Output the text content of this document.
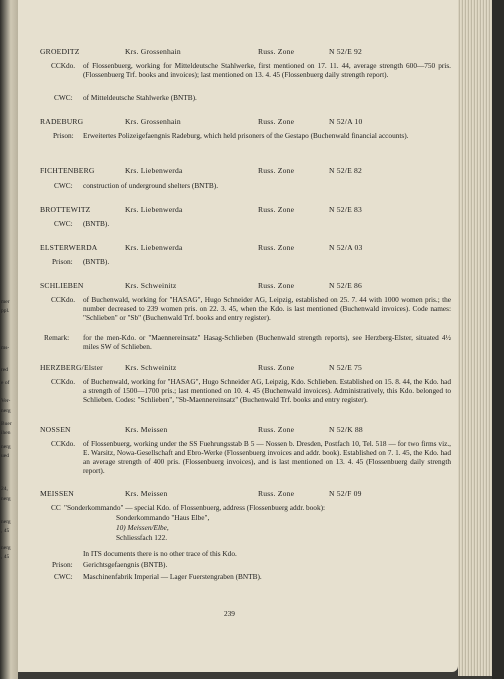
mer
ppl.
ms-
red
e of
Ver-
nerg
Buer
ihen
nerg
ued
24,
nerg
nerg
, 45
nerg
, 45
GROEDITZ	Krs. Grossenhain	Russ. Zone	N 52/E 92
CCKdo. of Flossenbuerg, working for Mitteldeutsche Stahlwerke, first mentioned on 17. 11. 44, average strength 600—750 pris. (Flossenbuerg Trf. books and invoices); last mentioned on 13. 4. 45 (Flossenbuerg daily strength report).
CWC: of Mitteldeutsche Stahlwerke (BNTB).
RADEBURG	Krs. Grossenhain	Russ. Zone	N 52/A 10
Prison: Erweitertes Polizeigefaengnis Radeburg, which held prisoners of the Gestapo (Buchenwald financial accounts).
FICHTENBERG	Krs. Liebenwerda	Russ. Zone	N 52/E 82
CWC: construction of underground shelters (BNTB).
BROTTEWITZ	Krs. Liebenwerda	Russ. Zone	N 52/E 83
CWC: (BNTB).
ELSTERWERDA	Krs. Liebenwerda	Russ. Zone	N 52/A 03
Prison: (BNTB).
SCHLIEBEN	Krs. Schweinitz	Russ. Zone	N 52/E 86
CCKdo. of Buchenwald, working for "HASAG", Hugo Schneider AG, Leipzig, established on 25. 7. 44 with 1000 women pris.; the number decreased to 239 women pris. on 22. 3. 45, when the Kdo. is last mentioned (Buchenwald invoices). Code names: "Schlieben" or "Sb" (Buchenwald Trf. books and entry register).
Remark: for the men-Kdo. or "Maennereinsatz" Hasag-Schlieben (Buchenwald strength reports), see Herzberg-Elster, situated 4½ miles SW of Schlieben.
HERZBERG/Elster	Krs. Schweinitz	Russ. Zone	N 52/E 75
CCKdo. of Buchenwald, working for "HASAG", Hugo Schneider AG, Leipzig, Kdo. Schlieben. Established on 15. 8. 44, the Kdo. had a strength of 1500—1700 pris.; last mentioned on 10. 4. 45 (Buchenwald invoices). Administratively, this Kdo. belonged to Schlieben. Codes: "Schlieben", "Sb-Maennereinsatz" (Buchenwald Trf. books and entry register).
NOSSEN	Krs. Meissen	Russ. Zone	N 52/K 88
CCKdo. of Flossenbuerg, working under the SS Fuehrungsstab B 5 — Nossen b. Dresden, Postfach 10, Tel. 518 — for two firms viz., E. Warsitz, Nowa-Gesellschaft and Ebro-Werke (Flossenbuerg invoices and addr. book). Established on 7. 1. 45, the Kdo. had an average strength of 400 pris. (Flossenbuerg invoices), and is last mentioned on 13. 4. 45 (Flossenbuerg daily strength report).
MEISSEN	Krs. Meissen	Russ. Zone	N 52/F 09
CC "Sonderkommando" — special Kdo. of Flossenbuerg, address (Flossenbuerg addr. book):
Sonderkommando "Haus Elbe",
10) Meissen/Elbe,
Schliessfach 122.
In ITS documents there is no other trace of this Kdo.
Prison: Gerichtsgefaengnis (BNTB).
CWC: Maschinenfabrik Imperial — Lager Fuerstengraben (BNTB).
239
